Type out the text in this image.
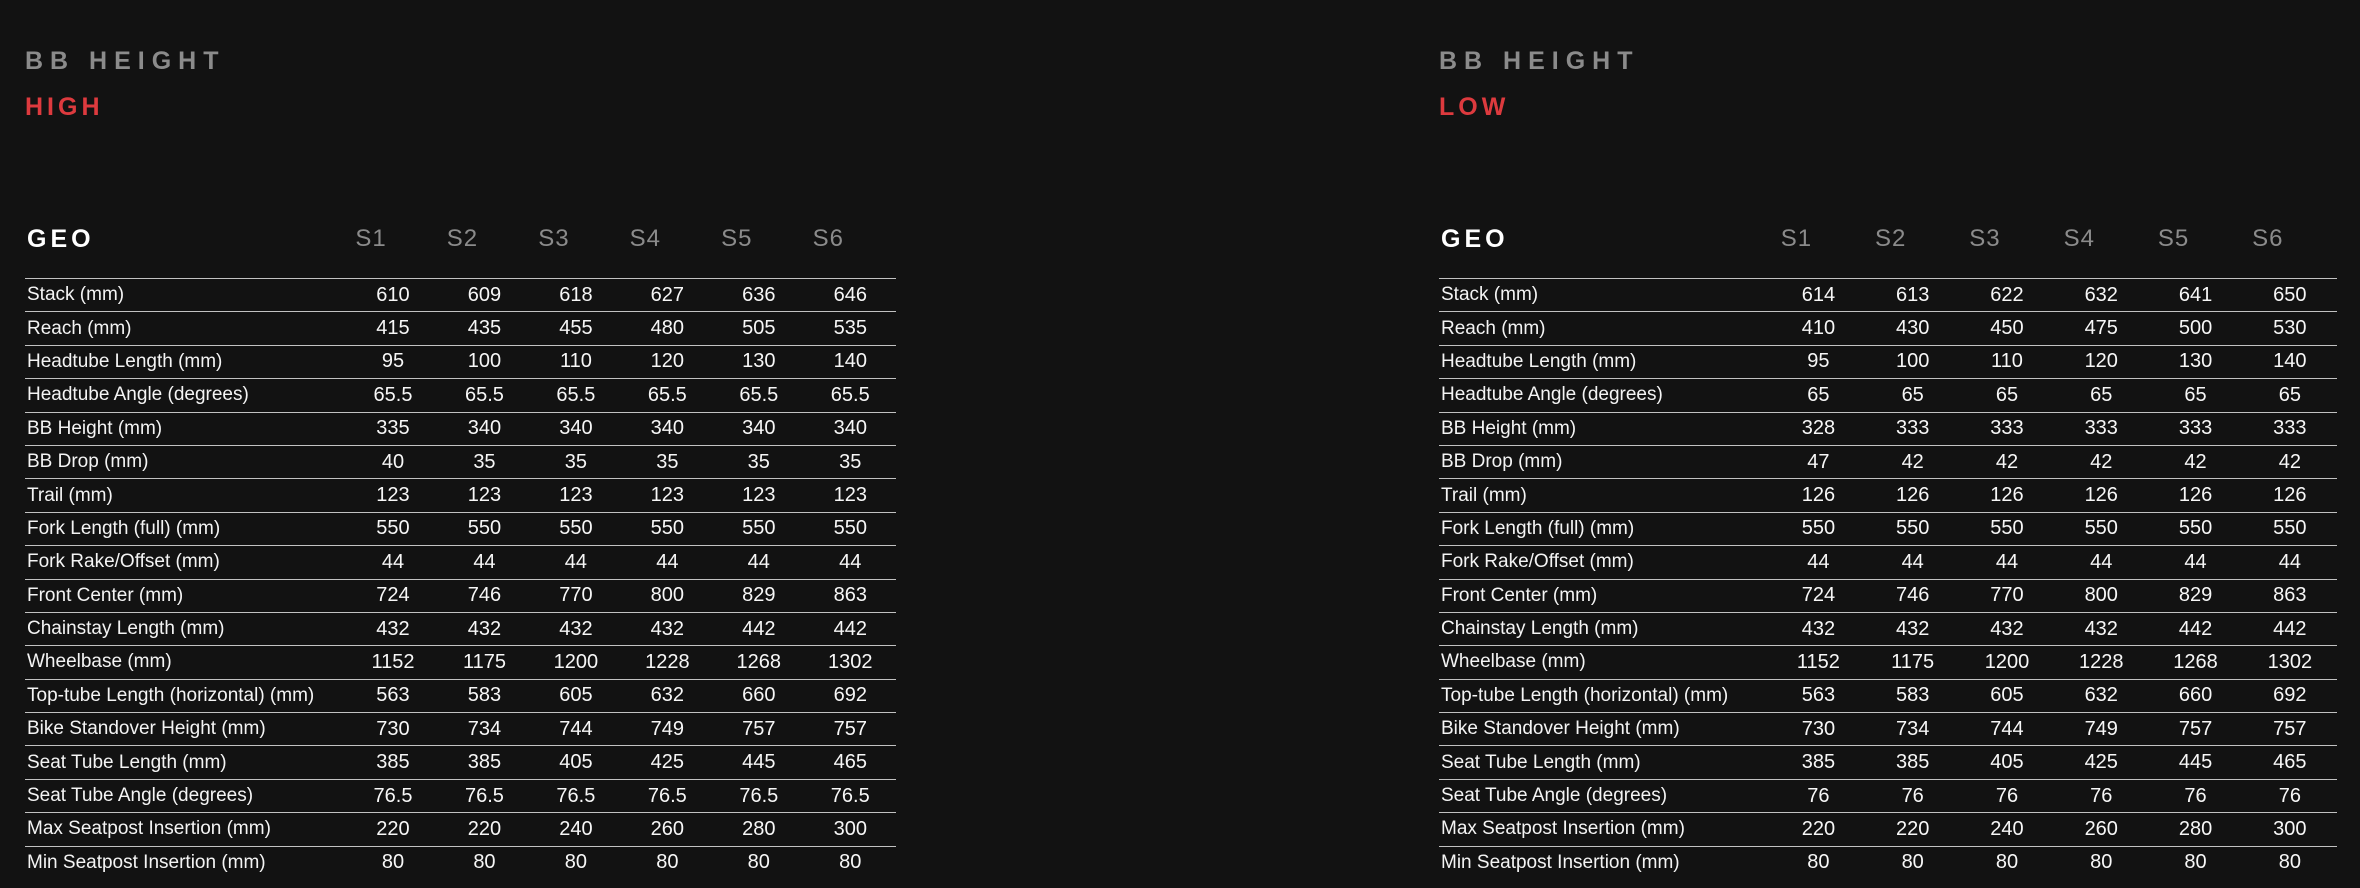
BB HEIGHT
HIGH
GEO	S1	S2	S3	S4	S5	S6
Stack (mm)	610	609	618	627	636	646
Reach (mm)	415	435	455	480	505	535
Headtube Length (mm)	95	100	110	120	130	140
Headtube Angle (degrees)	65.5	65.5	65.5	65.5	65.5	65.5
BB Height (mm)	335	340	340	340	340	340
BB Drop (mm)	40	35	35	35	35	35
Trail (mm)	123	123	123	123	123	123
Fork Length (full) (mm)	550	550	550	550	550	550
Fork Rake/Offset (mm)	44	44	44	44	44	44
Front Center (mm)	724	746	770	800	829	863
Chainstay Length (mm)	432	432	432	432	442	442
Wheelbase (mm)	1152	1175	1200	1228	1268	1302
Top-tube Length (horizontal) (mm)	563	583	605	632	660	692
Bike Standover Height (mm)	730	734	744	749	757	757
Seat Tube Length (mm)	385	385	405	425	445	465
Seat Tube Angle (degrees)	76.5	76.5	76.5	76.5	76.5	76.5
Max Seatpost Insertion (mm)	220	220	240	260	280	300
Min Seatpost Insertion (mm)	80	80	80	80	80	80
BB HEIGHT
LOW
GEO	S1	S2	S3	S4	S5	S6
Stack (mm)	614	613	622	632	641	650
Reach (mm)	410	430	450	475	500	530
Headtube Length (mm)	95	100	110	120	130	140
Headtube Angle (degrees)	65	65	65	65	65	65
BB Height (mm)	328	333	333	333	333	333
BB Drop (mm)	47	42	42	42	42	42
Trail (mm)	126	126	126	126	126	126
Fork Length (full) (mm)	550	550	550	550	550	550
Fork Rake/Offset (mm)	44	44	44	44	44	44
Front Center (mm)	724	746	770	800	829	863
Chainstay Length (mm)	432	432	432	432	442	442
Wheelbase (mm)	1152	1175	1200	1228	1268	1302
Top-tube Length (horizontal) (mm)	563	583	605	632	660	692
Bike Standover Height (mm)	730	734	744	749	757	757
Seat Tube Length (mm)	385	385	405	425	445	465
Seat Tube Angle (degrees)	76	76	76	76	76	76
Max Seatpost Insertion (mm)	220	220	240	260	280	300
Min Seatpost Insertion (mm)	80	80	80	80	80	80
